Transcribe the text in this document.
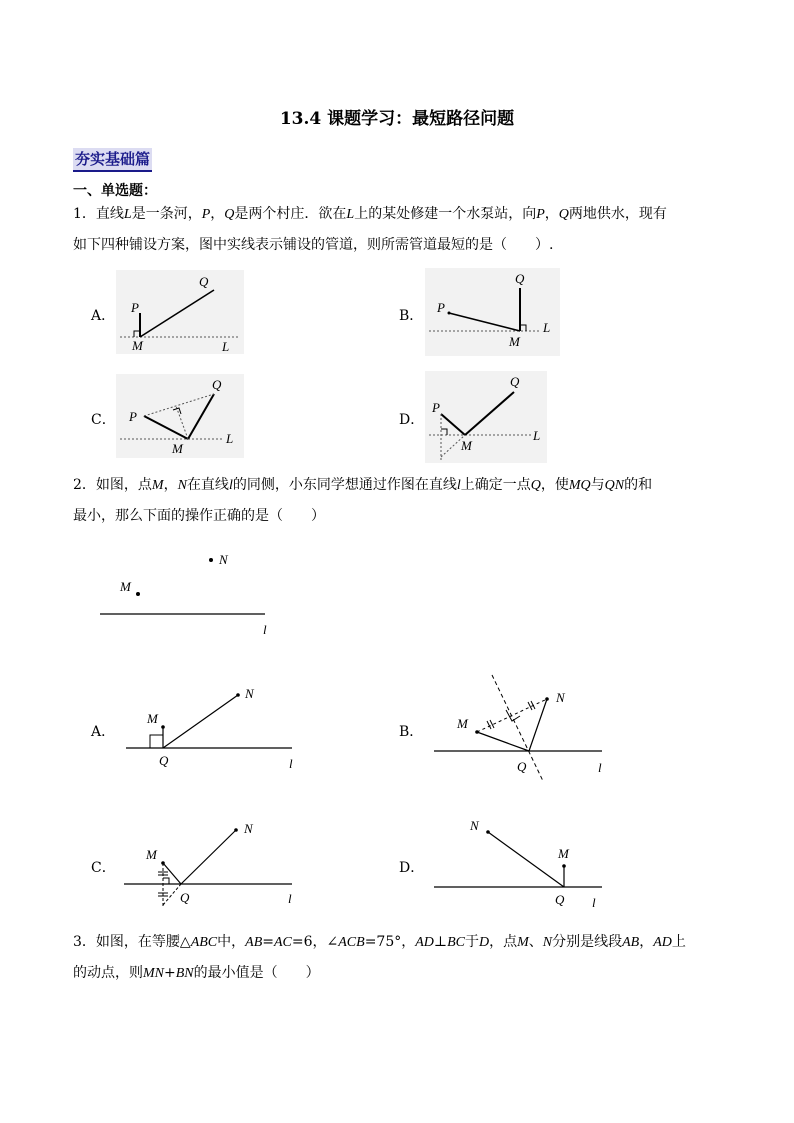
13.4 课题学习：最短路径问题
夯实基础篇
一、单选题：
1．直线L是一条河，P，Q是两个村庄．欲在L上的某处修建一个水泵站，向P，Q两地供水，现有
如下四种铺设方案，图中实线表示铺设的管道，则所需管道最短的是（　　）.
A．	B．
C．	D．
P
Q
M	L
P
Q
M
L
P
Q
M
L
P
Q
M
L
2．如图，点M，N在直线l的同侧，小东同学想通过作图在直线l上确定一点Q，使MQ与QN的和
最小，那么下面的操作正确的是（　　）
M
N
l
A．	B．
C．	D．
M
N
Q	l
M
N
Q	l
M
N
Q	l
N
M
Q l
3．如图，在等腰△ABC中，AB=AC=6，∠ACB=75°，AD⊥BC于D，点M、N分别是线段AB，AD上
的动点，则MN+BN的最小值是（　　）
